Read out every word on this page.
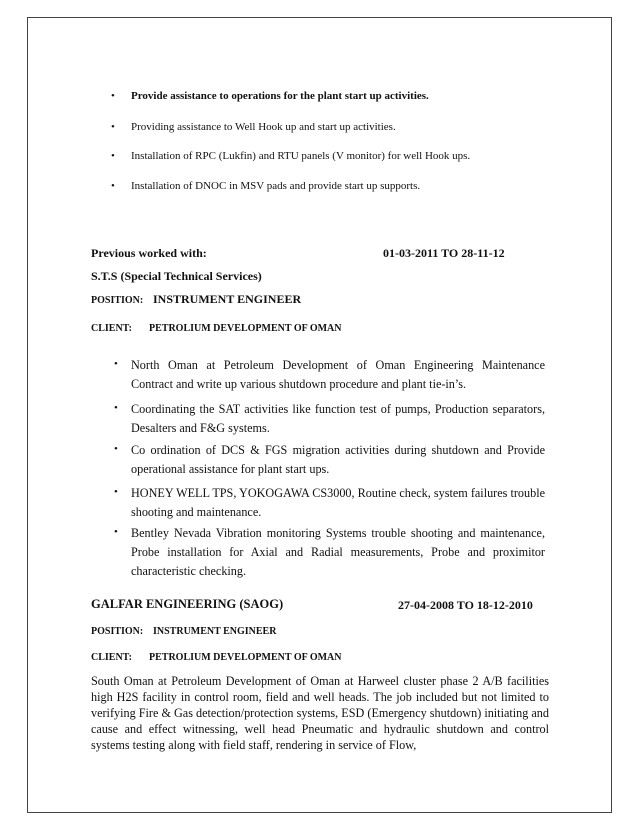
• Provide assistance to operations for the plant start up activities.
• Providing assistance to Well Hook up and start up activities.
• Installation of RPC (Lukfin) and RTU panels (V monitor) for well Hook ups.
• Installation of DNOC in MSV pads and provide start up supports.
Previous worked with:	01-03-2011 TO 28-11-12
S.T.S (Special Technical Services)
POSITION: INSTRUMENT ENGINEER
CLIENT: PETROLIUM DEVELOPMENT OF OMAN
• North Oman at Petroleum Development of Oman Engineering Maintenance Contract and write up various shutdown procedure and plant tie-in’s.
• Coordinating the SAT activities like function test of pumps, Production separators, Desalters and F&G systems.
• Co ordination of DCS & FGS migration activities during shutdown and Provide operational assistance for plant start ups.
• HONEY WELL TPS, YOKOGAWA CS3000, Routine check, system failures trouble shooting and maintenance.
• Bentley Nevada Vibration monitoring Systems trouble shooting and maintenance, Probe installation for Axial and Radial measurements, Probe and proximitor characteristic checking.
GALFAR ENGINEERING (SAOG)	27-04-2008 TO 18-12-2010
POSITION: INSTRUMENT ENGINEER
CLIENT: PETROLIUM DEVELOPMENT OF OMAN
South Oman at Petroleum Development of Oman at Harweel cluster phase 2 A/B facilities high H2S facility in control room, field and well heads. The job included but not limited to verifying Fire & Gas detection/protection systems, ESD (Emergency shutdown) initiating and cause and effect witnessing, well head Pneumatic and hydraulic shutdown and control systems testing along with field staff, rendering in service of Flow,
